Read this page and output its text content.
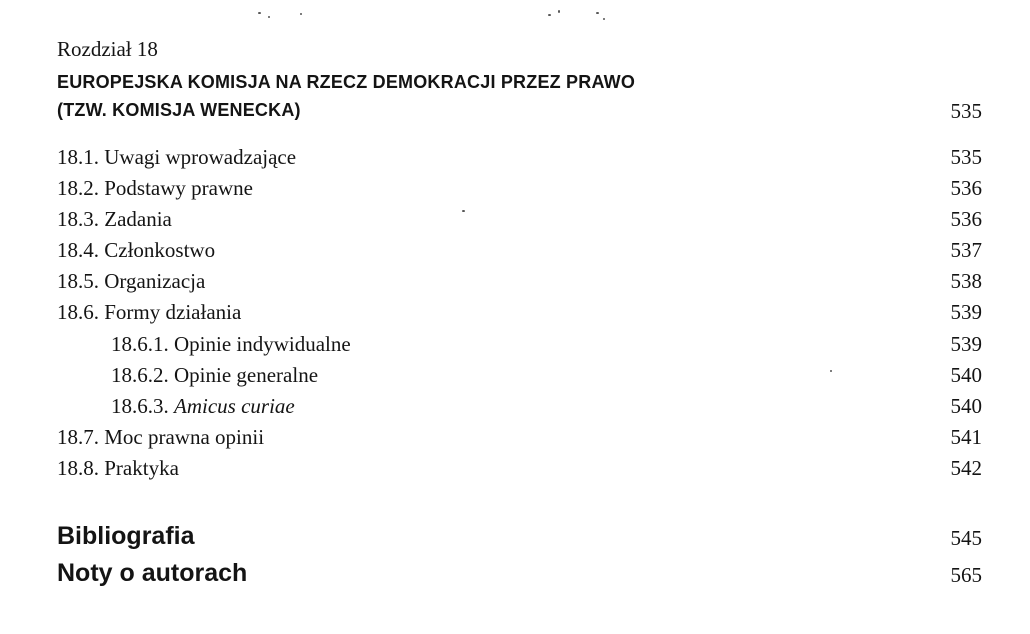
Rozdział 18
EUROPEJSKA KOMISJA NA RZECZ DEMOKRACJI PRZEZ PRAWO
(TZW. KOMISJA WENECKA)	535
18.1. Uwagi wprowadzające	535
18.2. Podstawy prawne	536
18.3. Zadania	536
18.4. Członkostwo	537
18.5. Organizacja	538
18.6. Formy działania	539
18.6.1. Opinie indywidualne	539
18.6.2. Opinie generalne	540
18.6.3. Amicus curiae	540
18.7. Moc prawna opinii	541
18.8. Praktyka	542
Bibliografia	545
Noty o autorach	565
